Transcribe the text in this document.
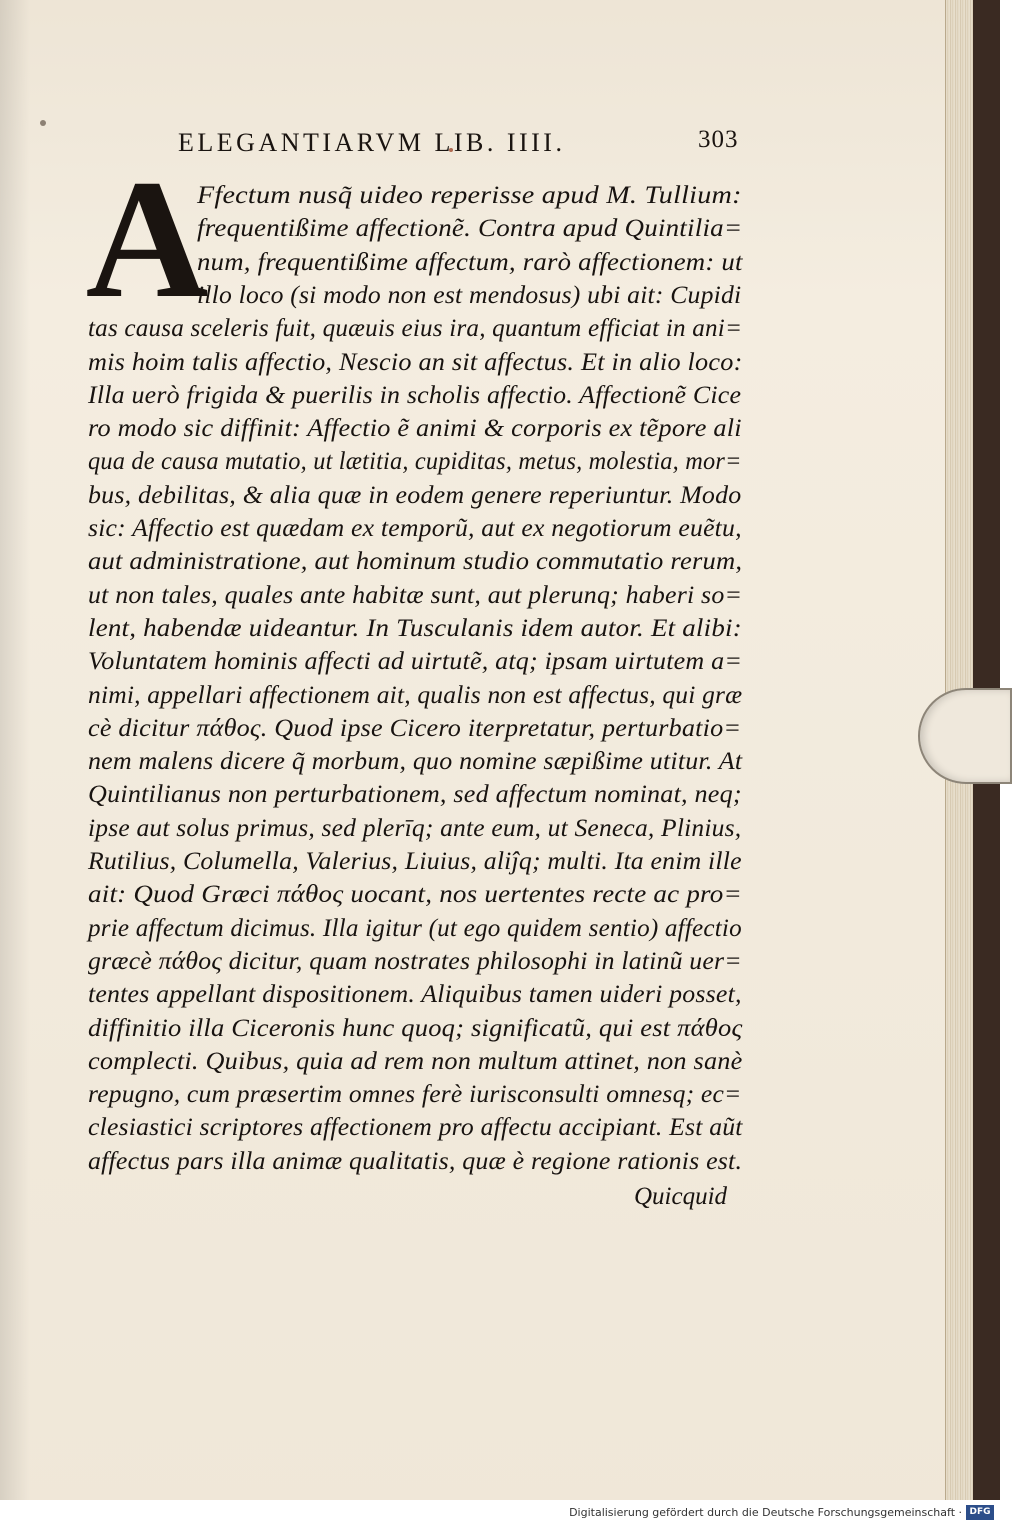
ELEGANTIARVM LIB. IIII.	303
A
Ffectum nusq̃ uideo reperisse apud M. Tullium:
frequentißime affectionẽ. Contra apud Quintilia=
num, frequentißime affectum, rarò affectionem: ut
illo loco (si modo non est mendosus) ubi ait: Cupidi
tas causa sceleris fuit, quæuis eius ira, quantum efficiat in ani=
mis hoim talis affectio, Nescio an sit affectus. Et in alio loco:
Illa uerò frigida & puerilis in scholis affectio. Affectionẽ Cice
ro modo sic diffinit: Affectio ẽ animi & corporis ex tẽpore ali
qua de causa mutatio, ut lætitia, cupiditas, metus, molestia, mor=
bus, debilitas, & alia quæ in eodem genere reperiuntur. Modo
sic: Affectio est quædam ex temporũ, aut ex negotiorum euẽtu,
aut administratione, aut hominum studio commutatio rerum,
ut non tales, quales ante habitæ sunt, aut plerunq; haberi so=
lent, habendæ uideantur. In Tusculanis idem autor. Et alibi:
Voluntatem hominis affecti ad uirtutẽ, atq; ipsam uirtutem a=
nimi, appellari affectionem ait, qualis non est affectus, qui græ
cè dicitur πάθος. Quod ipse Cicero iterpretatur, perturbatio=
nem malens dicere q̃ morbum, quo nomine sæpißime utitur. At
Quintilianus non perturbationem, sed affectum nominat, neq;
ipse aut solus primus, sed plerīq; ante eum, ut Seneca, Plinius,
Rutilius, Columella, Valerius, Liuius, aliĵq; multi. Ita enim ille
ait: Quod Græci πάθος uocant, nos uertentes recte ac pro=
prie affectum dicimus. Illa igitur (ut ego quidem sentio) affectio
græcè πάθος dicitur, quam nostrates philosophi in latinũ uer=
tentes appellant dispositionem. Aliquibus tamen uideri posset,
diffinitio illa Ciceronis hunc quoq; significatũ, qui est πάθος
complecti. Quibus, quia ad rem non multum attinet, non sanè
repugno, cum præsertim omnes ferè iurisconsulti omnesq; ec=
clesiastici scriptores affectionem pro affectu accipiant. Est aũt
affectus pars illa animæ qualitatis, quæ è regione rationis est.
Quicquid
​
​
Digitalisierung gefördert durch die Deutsche Forschungsgemeinschaft · DFG
